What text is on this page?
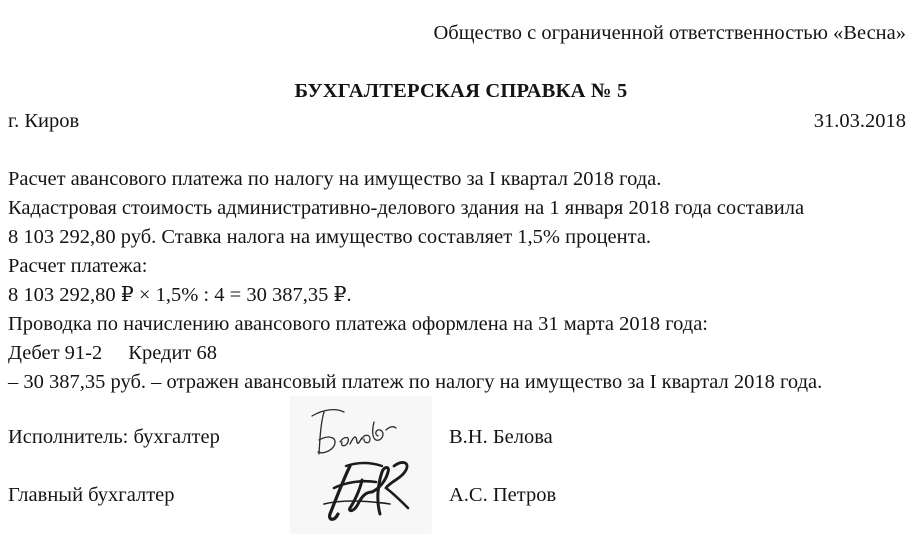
Общество с ограниченной ответственностью «Весна»
БУХГАЛТЕРСКАЯ СПРАВКА № 5
г. Киров	31.03.2018
Расчет авансового платежа по налогу на имущество за I квартал 2018 года.
Кадастровая стоимость административно-делового здания на 1 января 2018 года составила
8 103 292,80 руб. Ставка налога на имущество составляет 1,5% процента.
Расчет платежа:
8 103 292,80 ₽ × 1,5% : 4 = 30 387,35 ₽.
Проводка по начислению авансового платежа оформлена на 31 марта 2018 года:
Дебет 91-2 Кредит 68
– 30 387,35 руб. – отражен авансовый платеж по налогу на имущество за I квартал 2018 года.
Исполнитель: бухгалтер	В.Н. Белова
Главный бухгалтер	А.С. Петров
